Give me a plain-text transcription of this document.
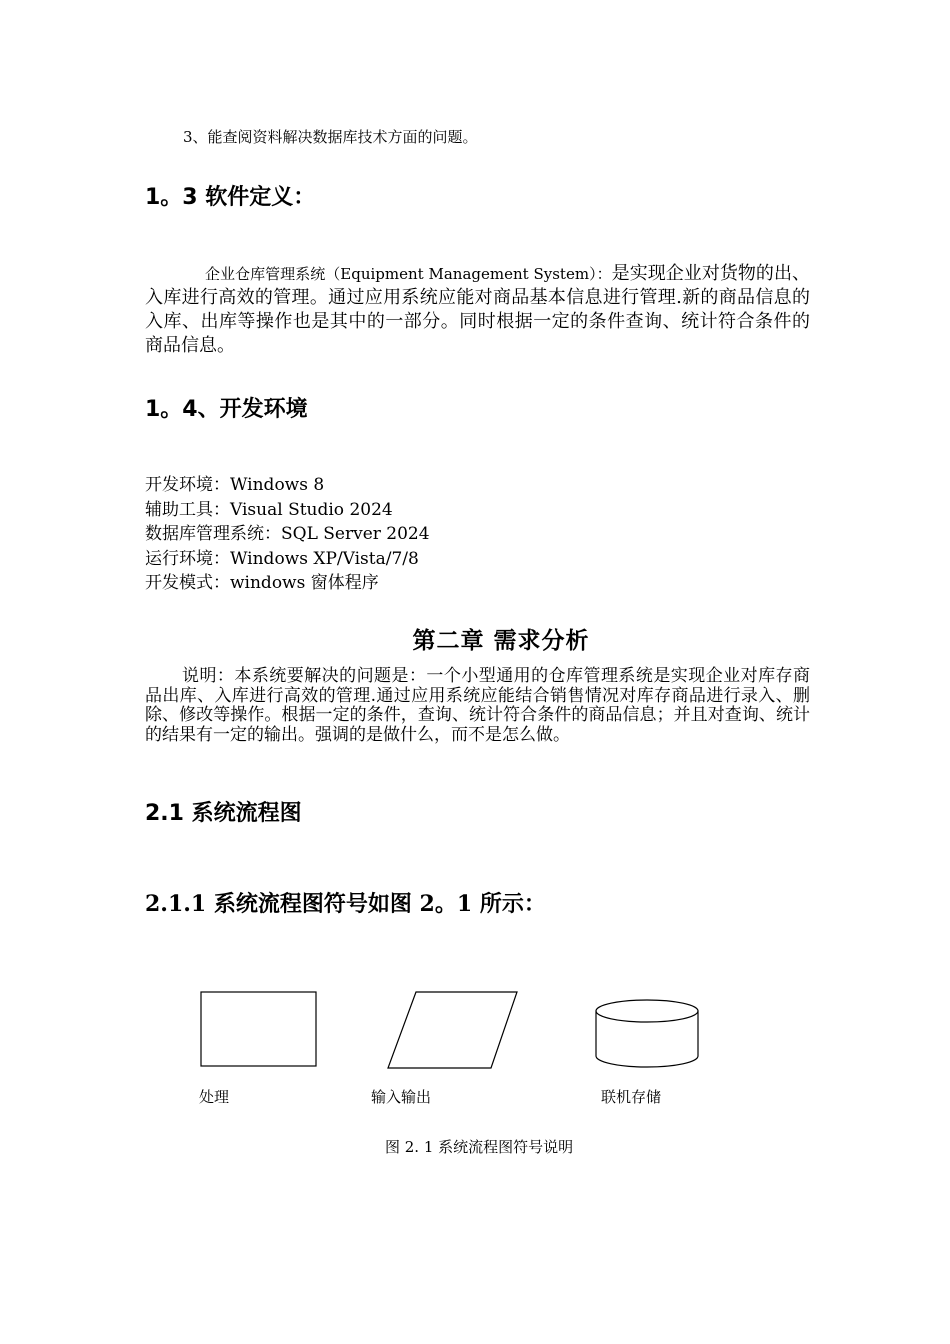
3、能查阅资料解决数据库技术方面的问题。
1。3 软件定义：
企业仓库管理系统（Equipment Management System）：是实现企业对货物的出、入库进行高效的管理。通过应用系统应能对商品基本信息进行管理.新的商品信息的入库、出库等操作也是其中的一部分。同时根据一定的条件查询、统计符合条件的商品信息。
1。4、开发环境
开发环境：Windows 8
辅助工具：Visual Studio 2024
数据库管理系统：SQL Server 2024
运行环境：Windows XP/Vista/7/8
开发模式：windows 窗体程序
第二章 需求分析
说明：本系统要解决的问题是：一个小型通用的仓库管理系统是实现企业对库存商品出库、入库进行高效的管理.通过应用系统应能结合销售情况对库存商品进行录入、删除、修改等操作。根据一定的条件，查询、统计符合条件的商品信息；并且对查询、统计的结果有一定的输出。强调的是做什么，而不是怎么做。
2.1 系统流程图
2.1.1 系统流程图符号如图 2。1 所示：
处理	输入输出	联机存储
图 2. 1 系统流程图符号说明
